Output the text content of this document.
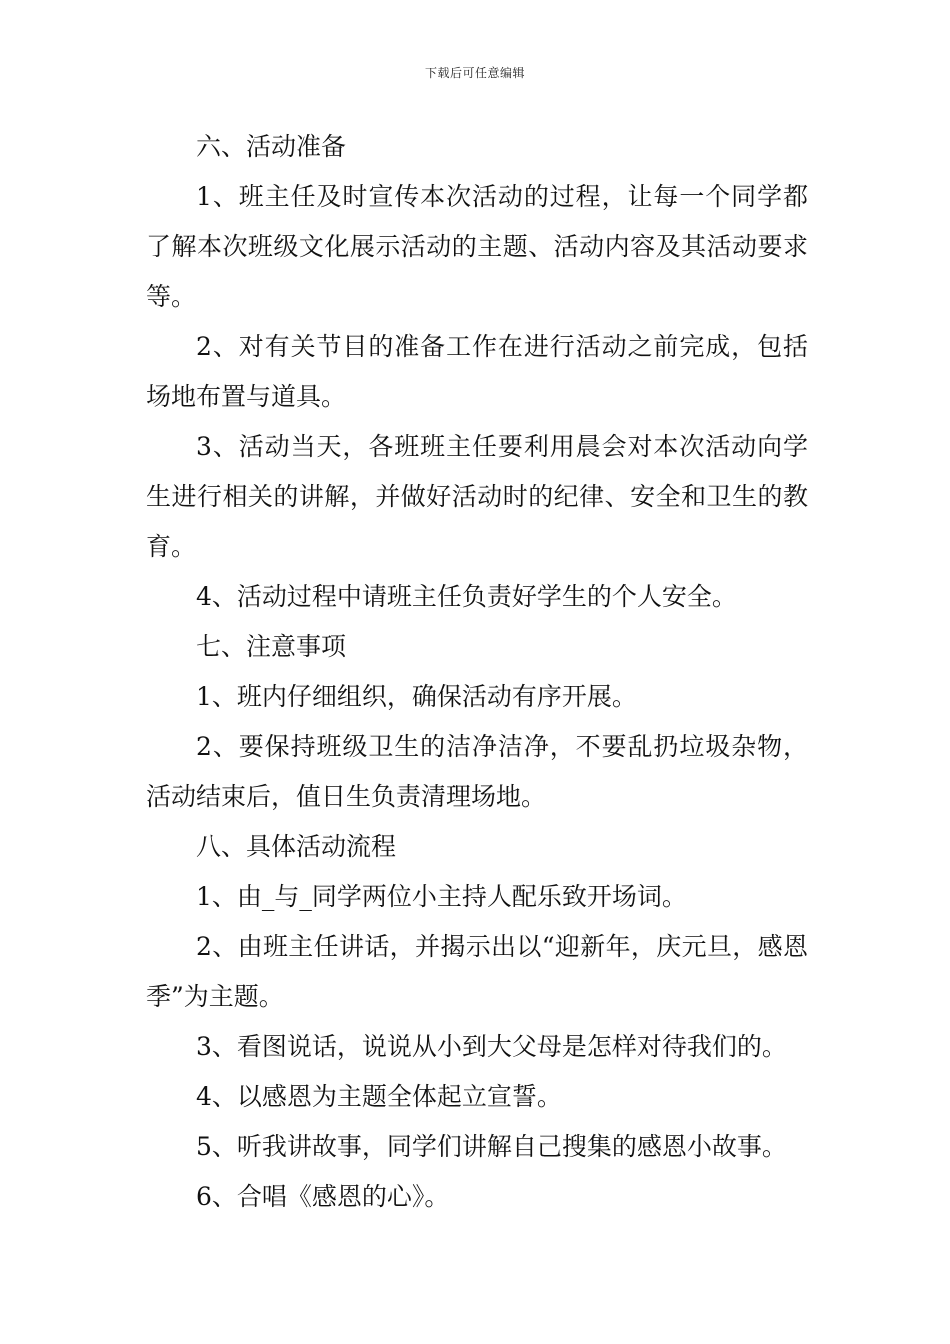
下载后可任意编辑

六、活动准备

1、班主任及时宣传本次活动的过程，让每一个同学都了解本次班级文化展示活动的主题、活动内容及其活动要求等。

2、对有关节目的准备工作在进行活动之前完成，包括场地布置与道具。

3、活动当天，各班班主任要利用晨会对本次活动向学生进行相关的讲解，并做好活动时的纪律、安全和卫生的教育。

4、活动过程中请班主任负责好学生的个人安全。

七、注意事项

1、班内仔细组织，确保活动有序开展。

2、要保持班级卫生的洁净洁净，不要乱扔垃圾杂物，活动结束后，值日生负责清理场地。

八、具体活动流程

1、由_与_同学两位小主持人配乐致开场词。

2、由班主任讲话，并揭示出以“迎新年，庆元旦，感恩季”为主题。

3、看图说话，说说从小到大父母是怎样对待我们的。

4、以感恩为主题全体起立宣誓。

5、听我讲故事，同学们讲解自己搜集的感恩小故事。

6、合唱《感恩的心》。
